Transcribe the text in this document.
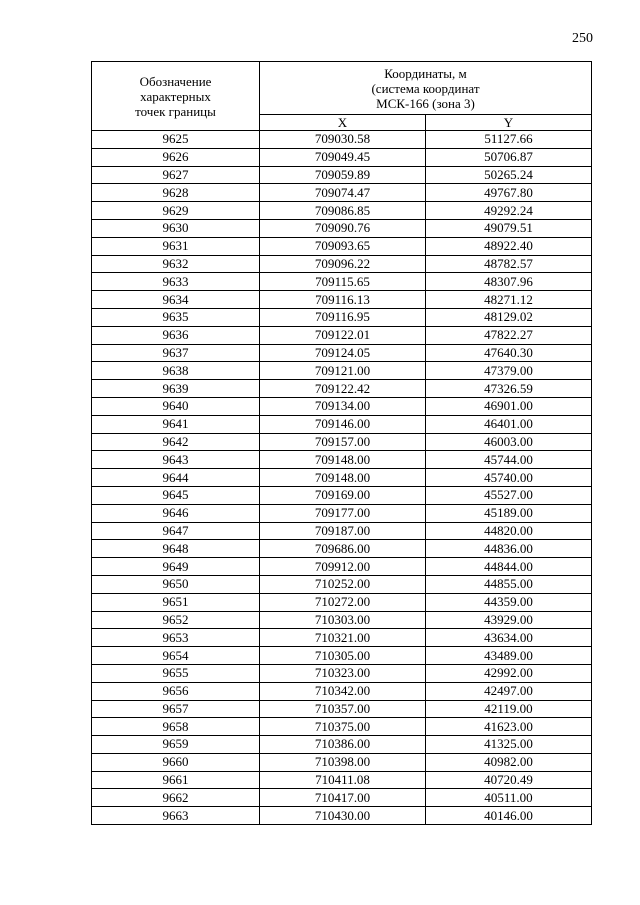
250
Обозначение
характерных
точек границы	Координаты, м
(система координат
МСК-166 (зона 3)	

	X	Y
9625	709030.58	51127.66
9626	709049.45	50706.87
9627	709059.89	50265.24
9628	709074.47	49767.80
9629	709086.85	49292.24
9630	709090.76	49079.51
9631	709093.65	48922.40
9632	709096.22	48782.57
9633	709115.65	48307.96
9634	709116.13	48271.12
9635	709116.95	48129.02
9636	709122.01	47822.27
9637	709124.05	47640.30
9638	709121.00	47379.00
9639	709122.42	47326.59
9640	709134.00	46901.00
9641	709146.00	46401.00
9642	709157.00	46003.00
9643	709148.00	45744.00
9644	709148.00	45740.00
9645	709169.00	45527.00
9646	709177.00	45189.00
9647	709187.00	44820.00
9648	709686.00	44836.00
9649	709912.00	44844.00
9650	710252.00	44855.00
9651	710272.00	44359.00
9652	710303.00	43929.00
9653	710321.00	43634.00
9654	710305.00	43489.00
9655	710323.00	42992.00
9656	710342.00	42497.00
9657	710357.00	42119.00
9658	710375.00	41623.00
9659	710386.00	41325.00
9660	710398.00	40982.00
9661	710411.08	40720.49
9662	710417.00	40511.00
9663	710430.00	40146.00
